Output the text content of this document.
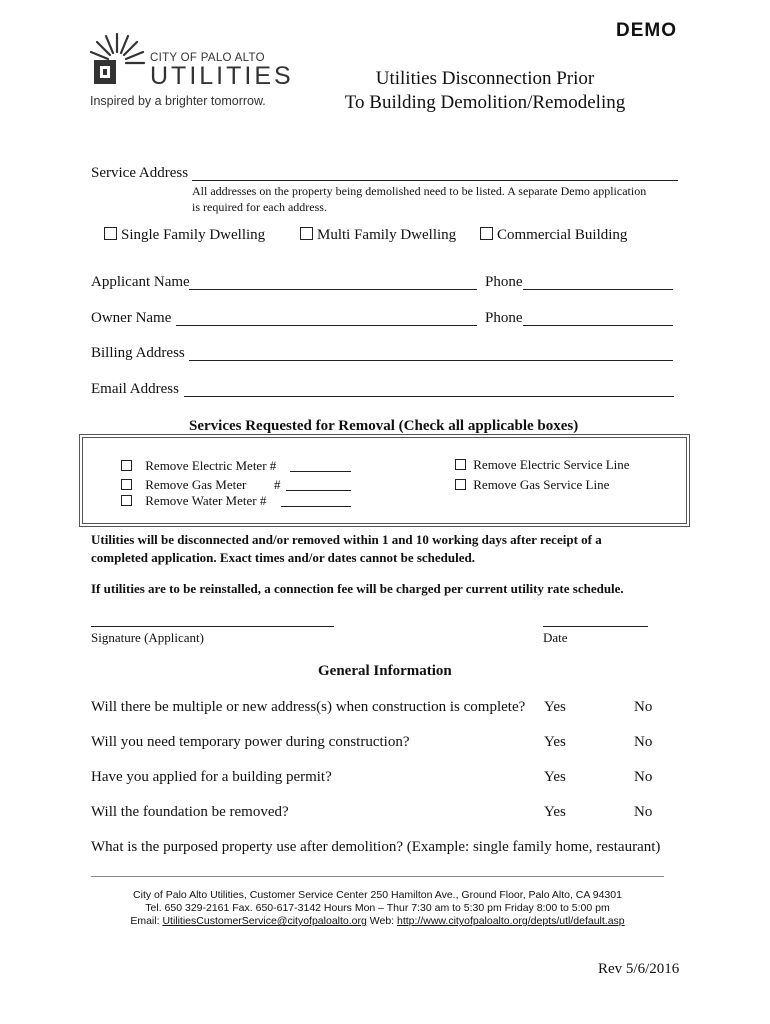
DEMO
CITY OF PALO ALTO
UTILITIES
Inspired by a brighter tomorrow.
Utilities Disconnection Prior
To Building Demolition/Remodeling
Service Address
All addresses on the property being demolished need to be listed. A separate Demo application
is required for each address.
Single Family Dwelling	Multi Family Dwelling	Commercial Building
Applicant Name	Phone
Owner Name	Phone
Billing Address
Email Address
Services Requested for Removal (Check all applicable boxes)
Remove Electric Meter #
Remove Gas Meter #
Remove Water Meter #
Remove Electric Service Line
Remove Gas Service Line
Utilities will be disconnected and/or removed within 1 and 10 working days after receipt of a
completed application. Exact times and/or dates cannot be scheduled.
If utilities are to be reinstalled, a connection fee will be charged per current utility rate schedule.
Signature (Applicant)	Date
General Information
Will there be multiple or new address(s) when construction is complete? Yes	No
Will you need temporary power during construction?	Yes	No
Have you applied for a building permit?	Yes	No
Will the foundation be removed?	Yes	No
What is the purposed property use after demolition? (Example: single family home, restaurant)
City of Palo Alto Utilities, Customer Service Center 250 Hamilton Ave., Ground Floor, Palo Alto, CA 94301
Tel. 650 329-2161 Fax. 650-617-3142 Hours Mon – Thur 7:30 am to 5:30 pm Friday 8:00 to 5:00 pm
Email: UtilitiesCustomerService@cityofpaloalto.org Web: http://www.cityofpaloalto.org/depts/utl/default.asp
Rev 5/6/2016
